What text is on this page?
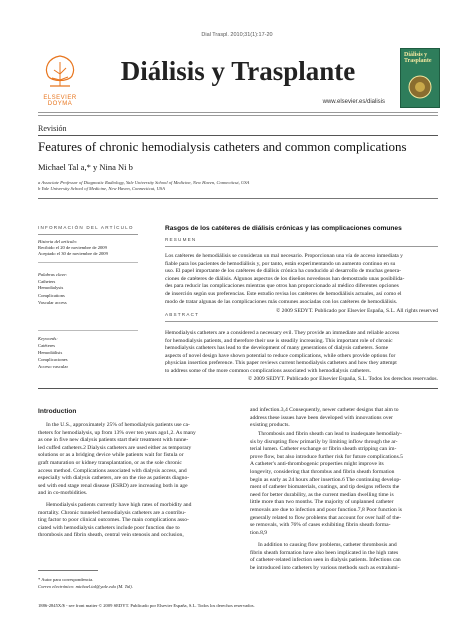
Dial Traspl. 2010;31(1):17-20
ELSEVIER
DOYMA
Diálisis y Trasplante
www.elsevier.es/dialisis
Diálisis y
Trasplante
Revisión
Features of chronic hemodialysis catheters and common complications
Michael Tal a,* y Nina Ni b
a Associate Professor of Diagnostic Radiology, Yale University School of Medicine, New Haven, Connecticut, USA
b Yale University School of Medicine, New Haven, Connecticut, USA
INFORMACIÓN DEL ARTÍCULO
Historia del artículo:
Recibido el 20 de noviembre de 2009
Aceptado el 30 de noviembre de 2009
Palabras clave:
Catheters
Hemodialysis
Complications
Vascular access
Keywords:
Catéteres
Hemodiálisis
Complicaciones
Acceso vascular
Rasgos de los catéteres de diálisis crónicas y las complicaciones comunes
RESUMEN
Los catéteres de hemodiálisis se consideran un mal necesario. Proporcionan una vía de acceso inmediata y
fiable para los pacientes de hemodiálisis y, por tanto, están experimentando un aumento continuo en su
uso. El papel importante de los catéteres de diálisis crónica ha conducido al desarrollo de muchas genera-
ciones de catéteres de diálisis. Algunos aspectos de los diseños novedosos han demostrado unas posibilida-
des para reducir las complicaciones mientras que otros han proporcionado al médico diferentes opciones
de inserción según sus preferencias. Este estudio revisa los catéteres de hemodiálisis actuales, así como el
modo de tratar algunas de las complicaciones más comunes asociadas con los catéteres de hemodiálisis.
© 2009 SEDYT. Publicado por Elsevier España, S.L. All rights reserved
ABSTRACT
Hemodialysis catheters are a considered a necessary evil. They provide an immediate and reliable access
for hemodialysis patients, and therefore their use is steadily increasing. This important role of chronic
hemodialysis catheters has lead to the development of many generations of dialysis catheters. Some
aspects of novel design have shown potential to reduce complications, while others provide options for
physician insertion preference. This paper reviews current hemodialysis catheters and how they attempt
to address some of the more common complications associated with hemodialysis catheters.
© 2009 SEDYT. Publicado por Elsevier España, S.L. Todos los derechos reservados.
Introduction
In the U.S., approximately 25% of hemodialysis patients use ca-
theters for hemodialysis, up from 13% over ten years ago1,2. As many
as one in five new dialysis patients start their treatment with tunne-
led cuffed catheters.2 Dialysis catheters are used either as temporary
solutions or as a bridging device while patients wait for fistula or
graft maturation or kidney transplantation, or as the sole chronic
access method. Complications associated with dialysis access, and
especially with dialysis catheters, are on the rise as patients diagno-
sed with end stage renal disease (ESRD) are increasing both in age
and in co-morbidities.
Hemodialysis patients currently have high rates of morbidity and
mortality. Chronic tunneled hemodialysis catheters are a contribu-
ting factor to poor clinical outcomes. The main complications asso-
ciated with hemodialysis catheters include poor function due to
thrombosis and fibrin sheath, central vein stenosis and occlusion,
and infection.3,4 Consequently, newer catheter designs that aim to
address these issues have been developed with innovations over
existing products.
Thrombosis and fibrin sheath can lead to inadequate hemodialy-
sis by disrupting flow primarily by limiting inflow through the ar-
terial lumen. Catheter exchange or fibrin sheath stripping can im-
prove flow, but also introduce further risk for future complications.5
A catheter's anti-thrombogenic properties might improve its
longevity, considering that thrombus and fibrin sheath formation
begin as early as 24 hours after insertion.6 The continuing develop-
ment of catheter biomaterials, coatings, and tip designs reflects the
need for better durability, as the current median dwelling time is
little more than two months. The majority of unplanned catheter
removals are due to infection and poor function.7,8 Poor function is
generally related to flow problems that account for over half of the-
se removals, with 76% of cases exhibiting fibrin sheath forma-
tion.8,9
In addition to causing flow problems, catheter thrombosis and
fibrin sheath formation have also been implicated in the high rates
of catheter-related infection seen in dialysis patients. Infections can
be introduced into catheters by various methods such as extralumi-
* Autor para correspondencia.
Correo electrónico: michael.tal@yale.edu (M. Tal).
1886-2845X/$ - see front matter © 2009 SEDYT. Publicado por Elsevier España, S.L. Todos los derechos reservados.
